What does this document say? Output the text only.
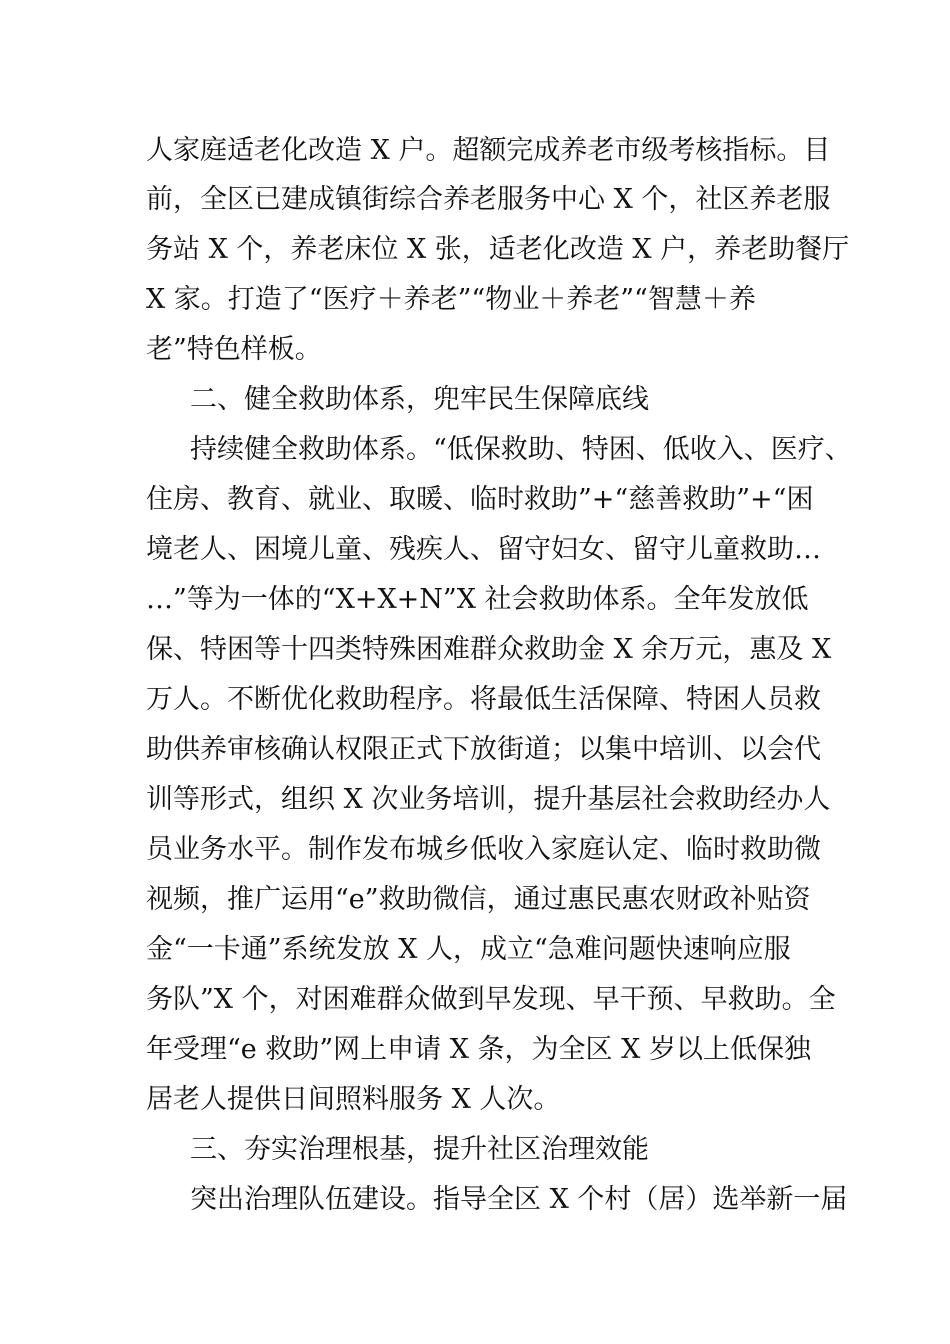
人家庭适老化改造 X 户。超额完成养老市级考核指标。目
前，全区已建成镇街综合养老服务中心 X 个，社区养老服
务站 X 个，养老床位 X 张，适老化改造 X 户，养老助餐厅
X 家。打造了“医疗＋养老”“物业＋养老”“智慧＋养
老”特色样板。
二、健全救助体系，兜牢民生保障底线
持续健全救助体系。“低保救助、特困、低收入、医疗、
住房、教育、就业、取暖、临时救助”+“慈善救助”+“困
境老人、困境儿童、残疾人、留守妇女、留守儿童救助…
…”等为一体的“X+X+N”X 社会救助体系。全年发放低
保、特困等十四类特殊困难群众救助金 X 余万元，惠及 X
万人。不断优化救助程序。将最低生活保障、特困人员救
助供养审核确认权限正式下放街道；以集中培训、以会代
训等形式，组织 X 次业务培训，提升基层社会救助经办人
员业务水平。制作发布城乡低收入家庭认定、临时救助微
视频，推广运用“e”救助微信，通过惠民惠农财政补贴资
金“一卡通”系统发放 X 人，成立“急难问题快速响应服
务队”X 个，对困难群众做到早发现、早干预、早救助。全
年受理“e 救助”网上申请 X 条，为全区 X 岁以上低保独
居老人提供日间照料服务 X 人次。
三、夯实治理根基，提升社区治理效能
突出治理队伍建设。指导全区 X 个村（居）选举新一届
